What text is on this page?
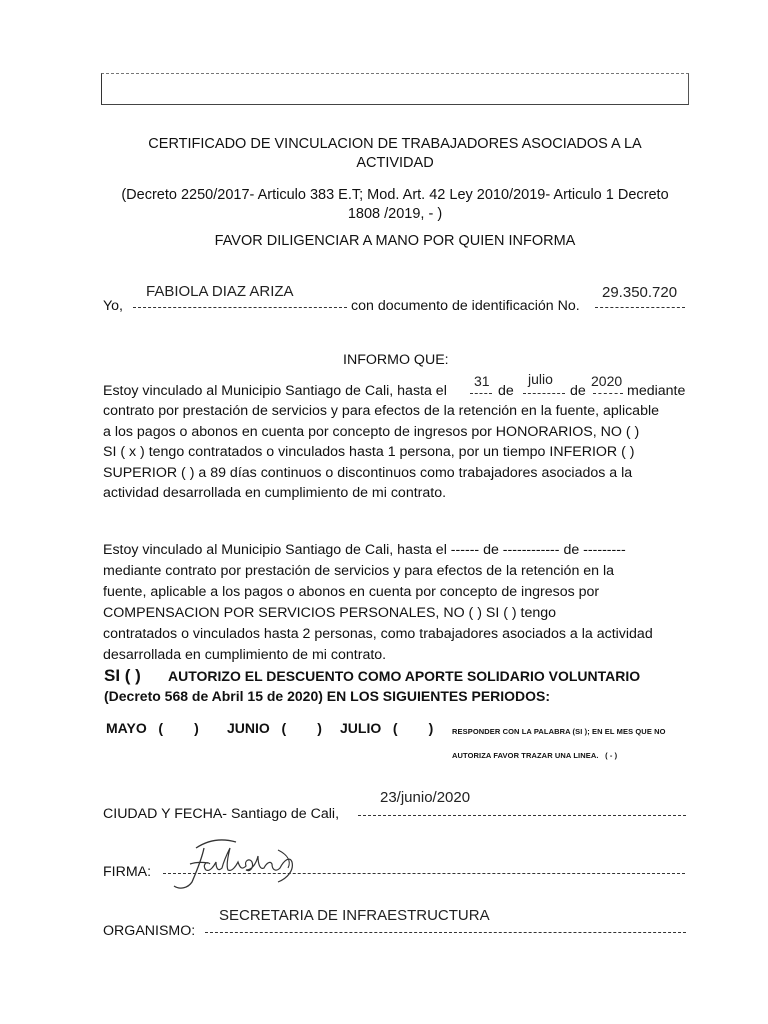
CERTIFICADO DE VINCULACION DE TRABAJADORES ASOCIADOS A LA
ACTIVIDAD
(Decreto 2250/2017- Articulo 383 E.T; Mod. Art. 42 Ley 2010/2019- Articulo 1 Decreto
1808 /2019, - )
FAVOR DILIGENCIAR A MANO POR QUIEN INFORMA
Yo,
FABIOLA DIAZ ARIZA
con documento de identificación No.
29.350.720
INFORMO QUE:
Estoy vinculado al Municipio Santiago de Cali, hasta el
31
de
julio
de
2020
mediante
contrato por prestación de servicios y para efectos de la retención en la fuente, aplicable
a los pagos o abonos en cuenta por concepto de ingresos por HONORARIOS, NO ( )
SI ( x ) tengo contratados o vinculados hasta 1 persona, por un tiempo INFERIOR ( )
SUPERIOR ( ) a 89 días continuos o discontinuos como trabajadores asociados a la
actividad desarrollada en cumplimiento de mi contrato.
Estoy vinculado al Municipio Santiago de Cali, hasta el ------ de ------------ de ---------
mediante contrato por prestación de servicios y para efectos de la retención en la
fuente, aplicable a los pagos o abonos en cuenta por concepto de ingresos por
COMPENSACION POR SERVICIOS PERSONALES, NO ( ) SI ( ) tengo
contratados o vinculados hasta 2 personas, como trabajadores asociados a la actividad
desarrollada en cumplimiento de mi contrato.
SI ( ) AUTORIZO EL DESCUENTO COMO APORTE SOLIDARIO VOLUNTARIO
(Decreto 568 de Abril 15 de 2020) EN LOS SIGUIENTES PERIODOS:
MAYO   (        ) JUNIO   (        ) JULIO   (        ) RESPONDER CON LA PALABRA (SI ); EN EL MES QUE NO
AUTORIZA FAVOR TRAZAR UNA LINEA.   ( - )
CIUDAD Y FECHA- Santiago de Cali,
23/junio/2020
FIRMA:
ORGANISMO:
SECRETARIA DE INFRAESTRUCTURA
